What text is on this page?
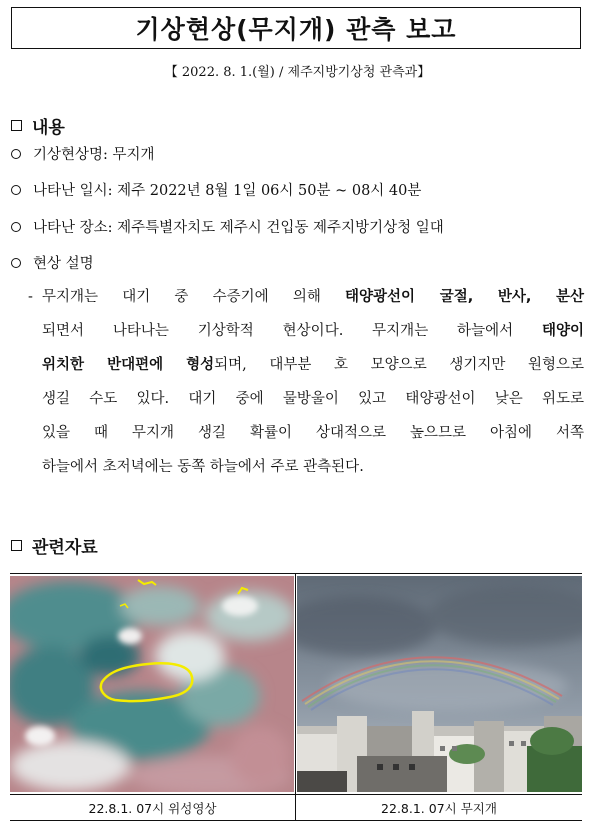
기상현상(무지개) 관측 보고
【 2022. 8. 1.(월) / 제주지방기상청 관측과】
내용
기상현상명: 무지개
나타난 일시: 제주 2022년 8월 1일 06시 50분 ~ 08시 40분
나타난 장소: 제주특별자치도 제주시 건입동 제주지방기상청 일대
현상 설명
- 무지개는 대기 중 수증기에 의해 태양광선이 굴절, 반사, 분산
되면서 나타나는 기상학적 현상이다. 무지개는 하늘에서 태양이
위치한 반대편에 형성되며, 대부분 호 모양으로 생기지만 원형으로
생길 수도 있다. 대기 중에 물방울이 있고 태양광선이 낮은 위도로
있을 때 무지개 생길 확률이 상대적으로 높으므로 아침에 서쪽
하늘에서 초저녁에는 동쪽 하늘에서 주로 관측된다.
관련자료
22.8.1. 07시 위성영상	22.8.1. 07시 무지개
